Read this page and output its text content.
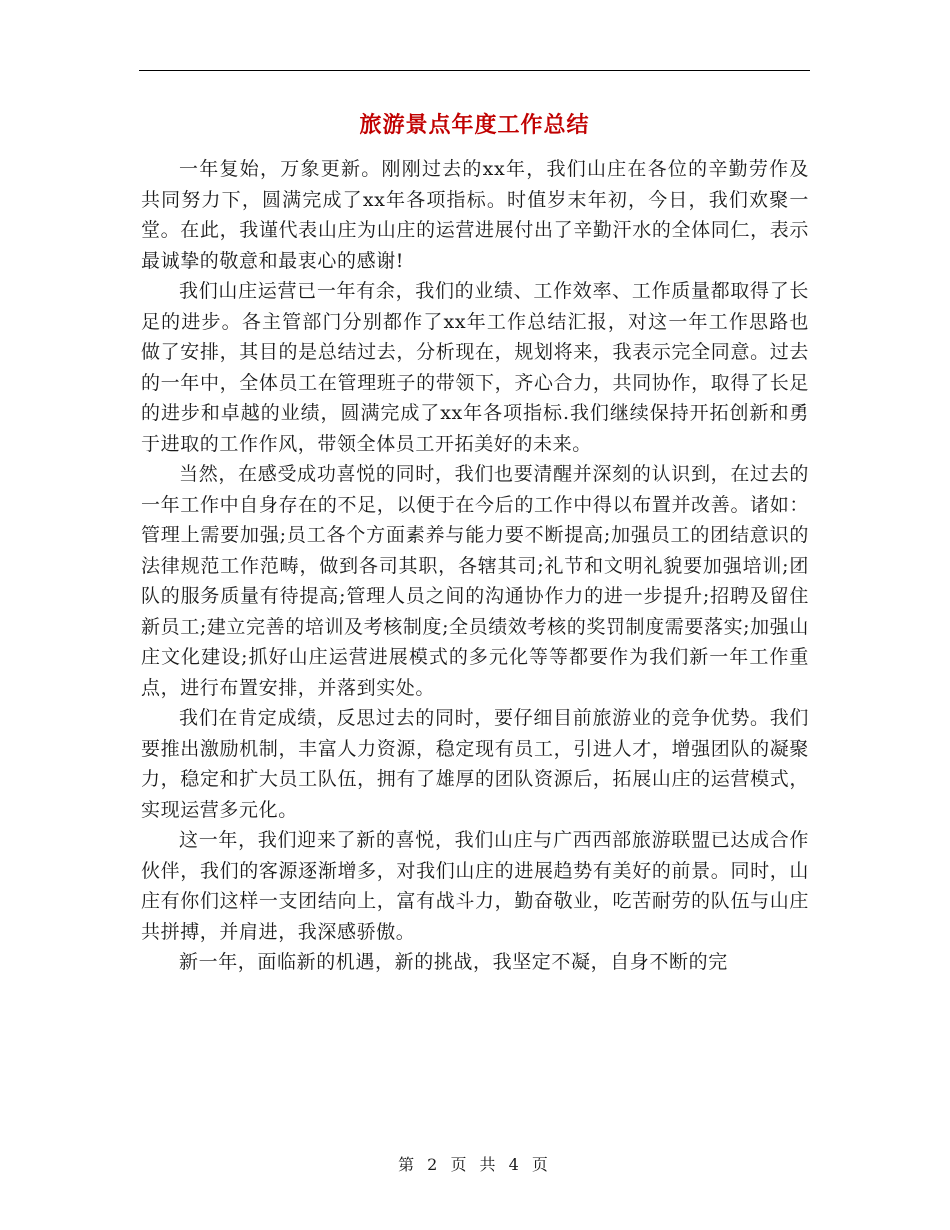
旅游景点年度工作总结

一年复始，万象更新。刚刚过去的xx年，我们山庄在各位的辛勤劳作及共同努力下，圆满完成了xx年各项指标。时值岁末年初，今日，我们欢聚一堂。在此，我谨代表山庄为山庄的运营进展付出了辛勤汗水的全体同仁，表示最诚挚的敬意和最衷心的感谢!

我们山庄运营已一年有余，我们的业绩、工作效率、工作质量都取得了长足的进步。各主管部门分别都作了xx年工作总结汇报，对这一年工作思路也做了安排，其目的是总结过去，分析现在，规划将来，我表示完全同意。过去的一年中，全体员工在管理班子的带领下，齐心合力，共同协作，取得了长足的进步和卓越的业绩，圆满完成了xx年各项指标.我们继续保持开拓创新和勇于进取的工作作风，带领全体员工开拓美好的未来。

当然，在感受成功喜悦的同时，我们也要清醒并深刻的认识到，在过去的一年工作中自身存在的不足，以便于在今后的工作中得以布置并改善。诸如：管理上需要加强;员工各个方面素养与能力要不断提高;加强员工的团结意识的法律规范工作范畴，做到各司其职，各辖其司;礼节和文明礼貌要加强培训;团队的服务质量有待提高;管理人员之间的沟通协作力的进一步提升;招聘及留住新员工;建立完善的培训及考核制度;全员绩效考核的奖罚制度需要落实;加强山庄文化建设;抓好山庄运营进展模式的多元化等等都要作为我们新一年工作重点，进行布置安排，并落到实处。

我们在肯定成绩，反思过去的同时，要仔细目前旅游业的竞争优势。我们要推出激励机制，丰富人力资源，稳定现有员工，引进人才，增强团队的凝聚力，稳定和扩大员工队伍，拥有了雄厚的团队资源后，拓展山庄的运营模式，实现运营多元化。

这一年，我们迎来了新的喜悦，我们山庄与广西西部旅游联盟已达成合作伙伴，我们的客源逐渐增多，对我们山庄的进展趋势有美好的前景。同时，山庄有你们这样一支团结向上，富有战斗力，勤奋敬业，吃苦耐劳的队伍与山庄共拼搏，并肩进，我深感骄傲。

新一年，面临新的机遇，新的挑战，我坚定不凝，自身不断的完

第 2 页 共 4 页
